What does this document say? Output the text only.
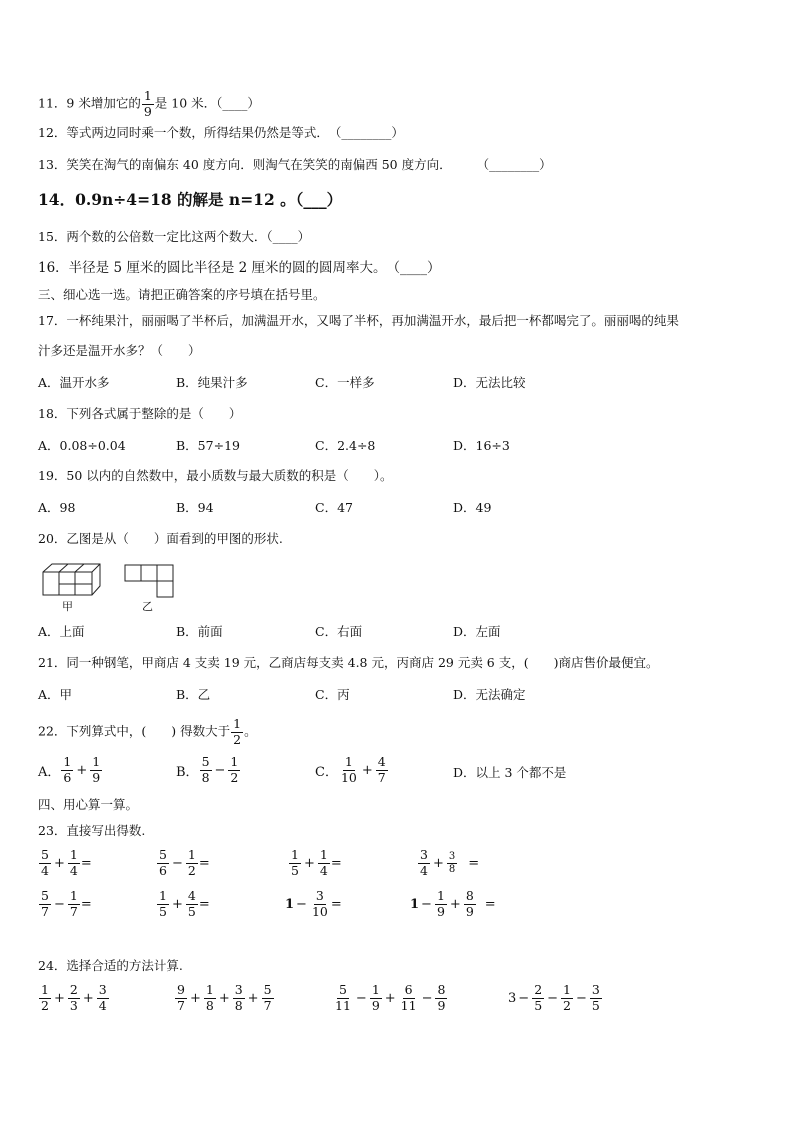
11．9 米增加它的 $\frac{1}{9}$ 是 10 米．（____）
12．等式两边同时乘一个数，所得结果仍然是等式．　（________）
13．笑笑在淘气的南偏东 40 度方向．则淘气在笑笑的南偏西 50 度方向．　　　（________）
14．0.9n÷4=18 的解是 n=12 。（___）
15．两个数的公倍数一定比这两个数大．（____）
16．半径是 5 厘米的圆比半径是 2 厘米的圆的圆周率大。　（____）
三、细心选一选。请把正确答案的序号填在括号里。
17．一杯纯果汁，丽丽喝了半杯后，加满温开水，又喝了半杯，再加满温开水，最后把一杯都喝完了。丽丽喝的纯果
汁多还是温开水多？（　　）
A．温开水多	B．纯果汁多	C．一样多	D．无法比较
18．下列各式属于整除的是（　　）
A．0.08÷0.04	B．57÷19	C．2.4÷8	D．16÷3
19．50 以内的自然数中，最小质数与最大质数的积是（　　）。
A．98	B．94	C．47	D．49
20．乙图是从（　　）面看到的甲图的形状.
甲	乙
A．上面	B．前面	C．右面	D．左面
21．同一种钢笔，甲商店 4 支卖 19 元，乙商店每支卖 4.8 元，丙商店 29 元卖 6 支，(　　)商店售价最便宜。
A．甲	B．乙	C．丙	D．无法确定
22．下列算式中，(　　) 得数大于 $\frac{1}{2}$ 。
A． $\frac{1}{6} + \frac{1}{9}$	B． $\frac{5}{8} - \frac{1}{2}$	C． $\frac{1}{10} + \frac{4}{7}$	D．以上 3 个都不是
四、用心算一算。
23．直接写出得数.
$\frac{5}{4} + \frac{1}{4}$ =	$\frac{5}{6} - \frac{1}{2}$ =	$\frac{1}{5} + \frac{1}{4}$ =	$\frac{3}{4} + \frac{3}{8}$ =
$\frac{5}{7} - \frac{1}{7}$ =	$\frac{1}{5} + \frac{4}{5}$ =	$1 - \frac{3}{10}$ =	$1 - \frac{1}{9} + \frac{8}{9}$ =
24．选择合适的方法计算.
$\frac{1}{2} + \frac{2}{3} + \frac{3}{4}$	$\frac{9}{7} + \frac{1}{8} + \frac{3}{8} + \frac{5}{7}$	$\frac{5}{11} - \frac{1}{9} + \frac{6}{11} - \frac{8}{9}$	$3 - \frac{2}{5} - \frac{1}{2} - \frac{3}{5}$
